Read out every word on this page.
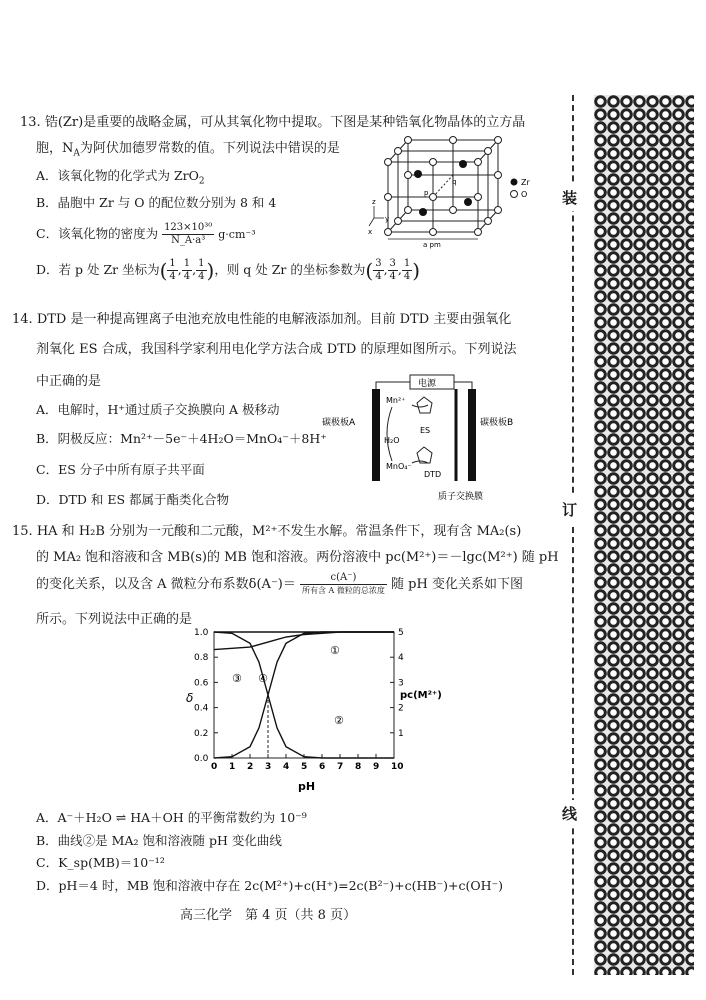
13. 锆(Zr)是重要的战略金属，可从其氧化物中提取。下图是某种锆氧化物晶体的立方晶
胞，$N_A$为阿伏加德罗常数的值。下列说法中错误的是
A．该氧化物的化学式为 ZrO$_2$
B．晶胞中 Zr 与 O 的配位数分别为 8 和 4
C．该氧化物的密度为 $\frac{\text{123×10³⁰}}{\text{N\_A·a³}} g\cdot cm^{-3}$
D．若 p 处 Zr 坐标为( $\frac{1}{4}$ , $\frac{1}{4}$ , $\frac{1}{4}$ )，则 q 处 Zr 的坐标参数为( $\frac{3}{4}$ , $\frac{3}{4}$ , $\frac{1}{4}$ )
Zr
O
p
q
z
y
x
a pm
14. DTD 是一种提高锂离子电池充放电性能的电解液添加剂。目前 DTD 主要由强氧化
剂氧化 ES 合成，我国科学家利用电化学方法合成 DTD 的原理如图所示。下列说法
中正确的是
A．电解时，H⁺通过质子交换膜向 A 极移动
B．阴极反应：Mn²⁺－5e⁻＋4H₂O＝MnO₄⁻＋8H⁺
C．ES 分子中所有原子共平面
D．DTD 和 ES 都属于酯类化合物
电源
碳极板A	碳极板B
Mn²⁺
H₂O
MnO₄⁻
ES
DTD
质子交换膜
15. HA 和 H₂B 分别为一元酸和二元酸，M²⁺不发生水解。常温条件下，现有含 MA₂(s)
的 MA₂ 饱和溶液和含 MB(s)的 MB 饱和溶液。两份溶液中 pc(M²⁺)＝－lgc(M²⁺) 随 pH
的变化关系，以及含 A 微粒分布系数$\delta(A^-)= \frac{c(A^-)}{\text{所有含 A 微粒的总浓度}}$ 随 pH 变化关系如下图
所示。下列说法中正确的是
0 1 2 3 4 5 6 7 8 9 10
0.0
0.2
0.4
0.6
0.8
1.0
1
2
3
4
5
pH
δ	pc(M²⁺)
①
②
③ ④
A．A⁻＋H₂O ⇌ HA＋OH 的平衡常数约为 10⁻⁹
B．曲线②是 MA₂ 饱和溶液随 pH 变化曲线
C．K_sp(MB)＝10⁻¹²
D．pH＝4 时，MB 饱和溶液中存在 2c(M²⁺)+c(H⁺)=2c(B²⁻)+c(HB⁻)+c(OH⁻)
高三化学　第 4 页（共 8 页）
装
订
线
